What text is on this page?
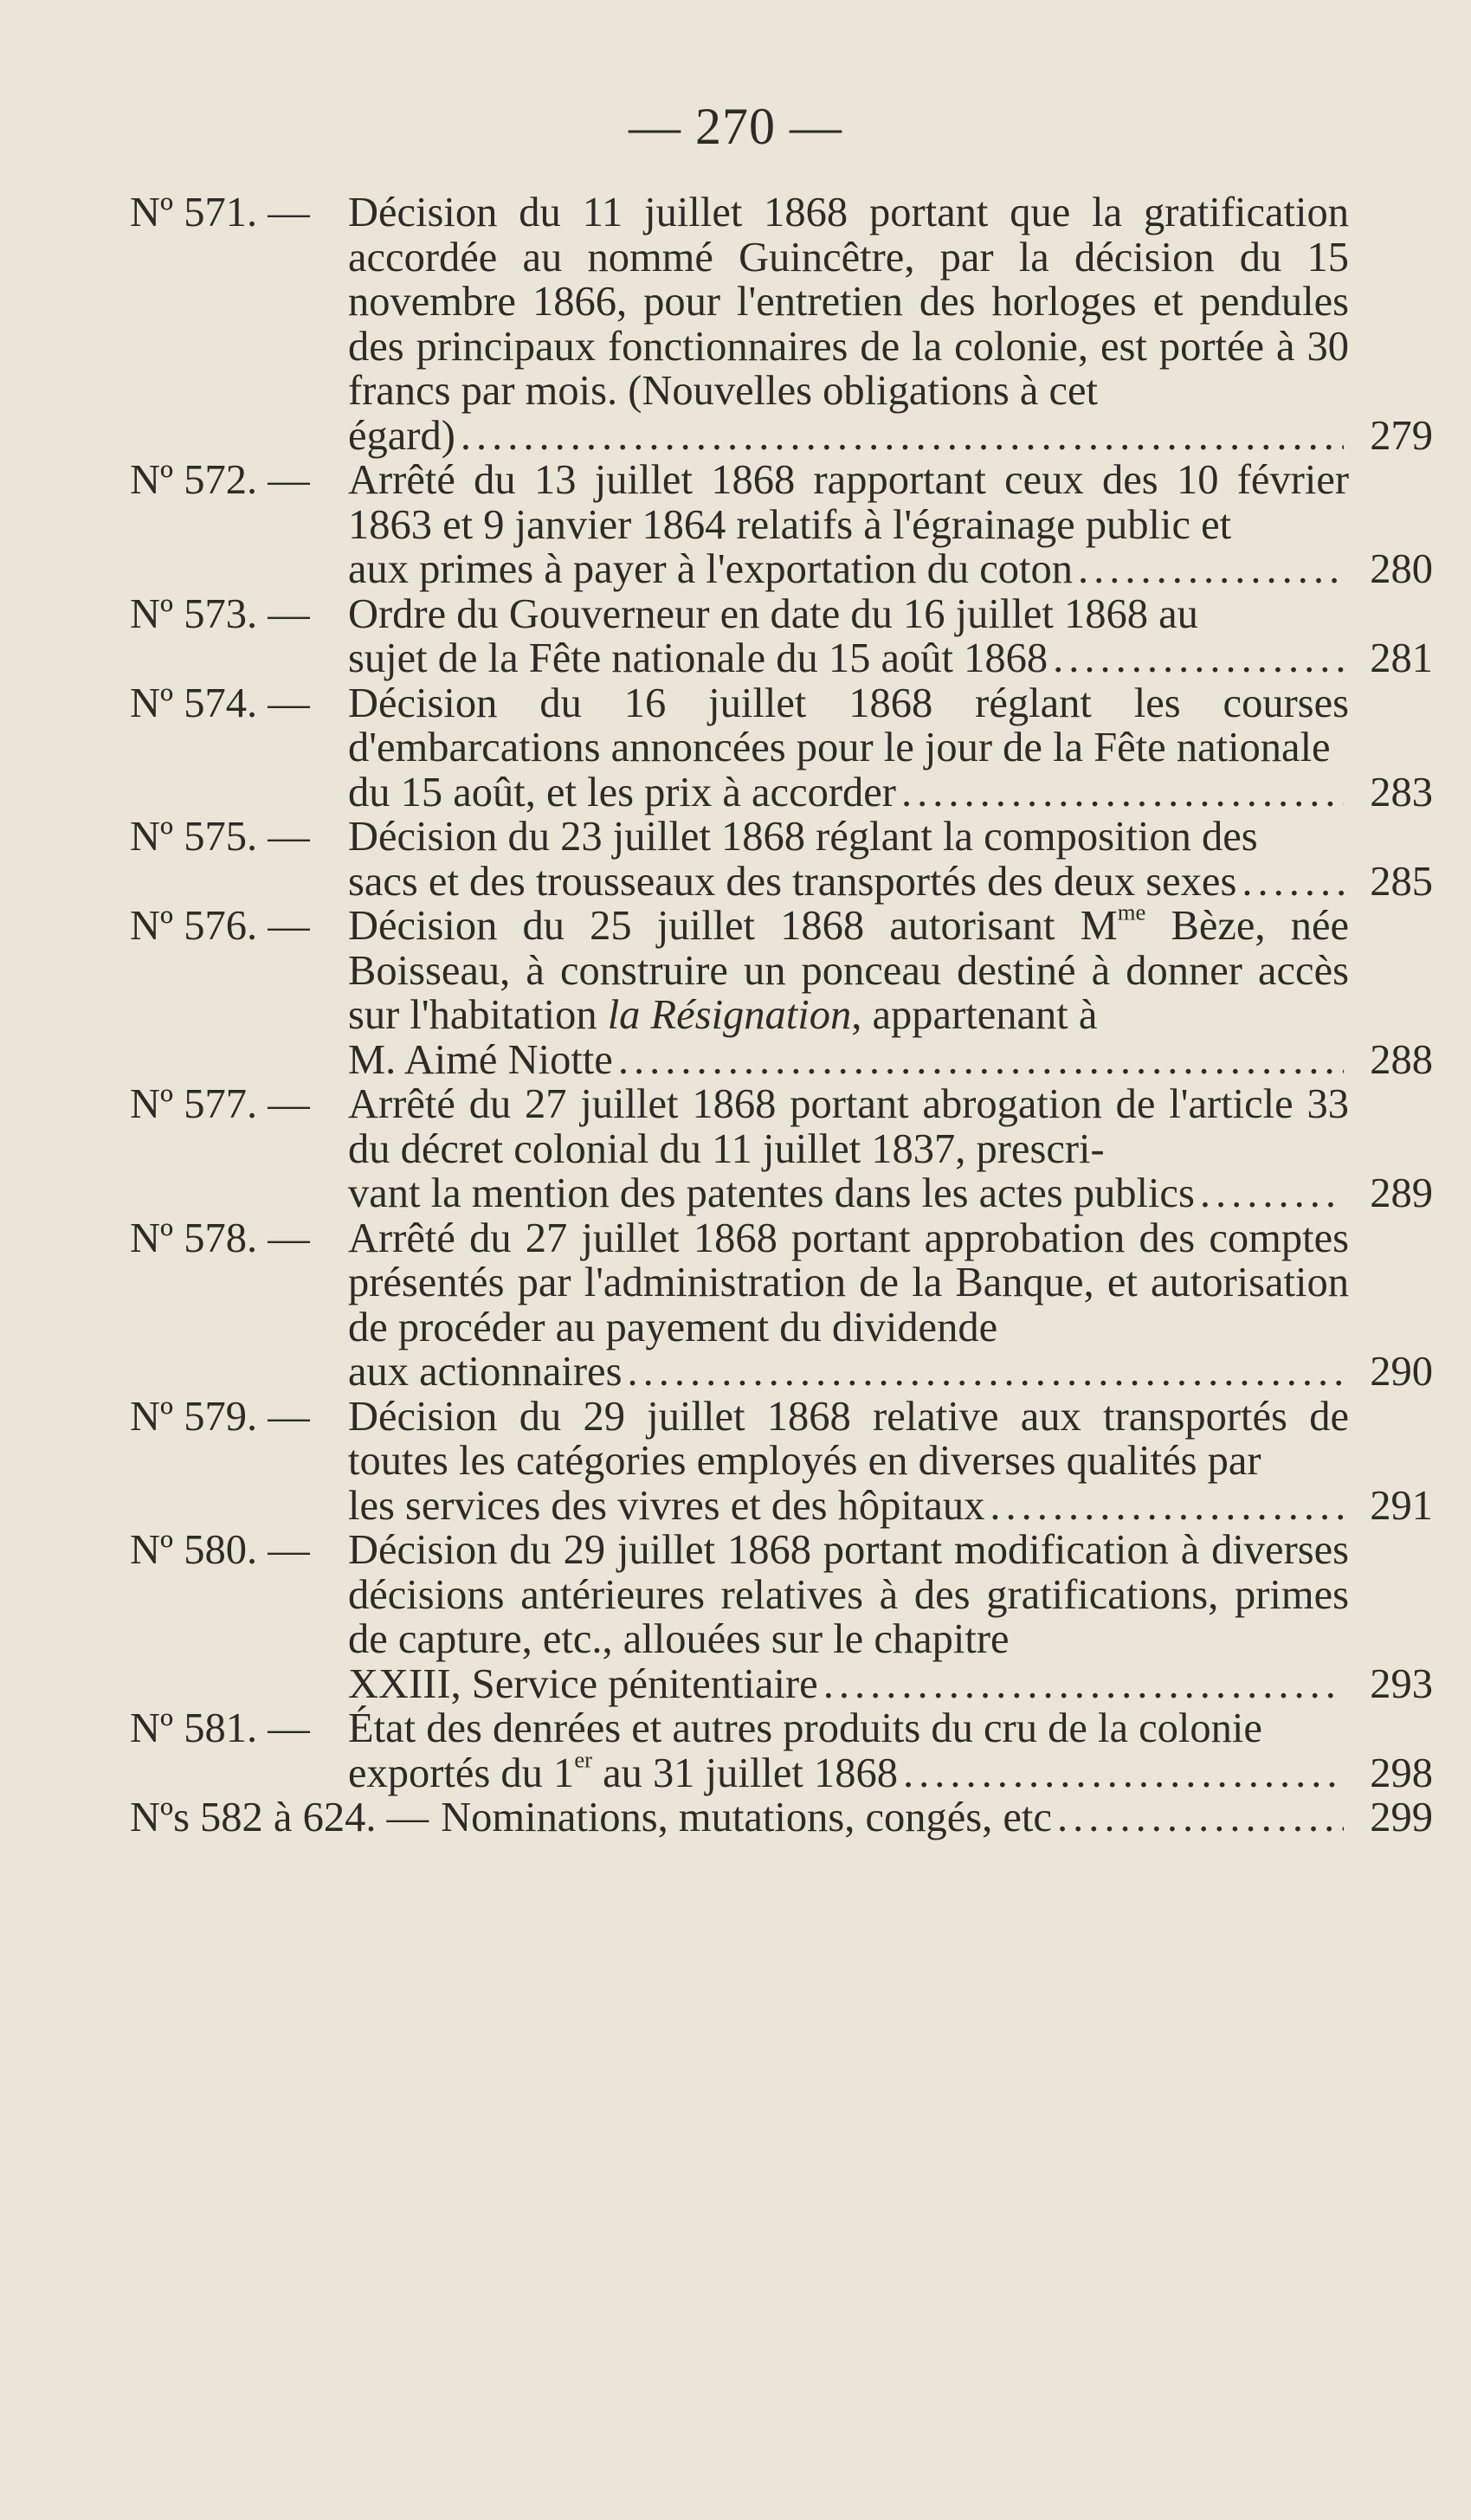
— 270 —
Nº 571. — Décision du 11 juillet 1868 portant que la gratification accordée au nommé Guincêtre, par la décision du 15 novembre 1866, pour l'entretien des horloges et pendules des principaux fonctionnaires de la colonie, est portée à 30 francs par mois. (Nouvelles obligations à cet
égard) .....	279
Nº 572. — Arrêté du 13 juillet 1868 rapportant ceux des 10 février 1863 et 9 janvier 1864 relatifs à l'égrainage public et
aux primes à payer à l'exportation du coton .....	280
Nº 573. — Ordre du Gouverneur en date du 16 juillet 1868 au
sujet de la Fête nationale du 15 août 1868 .....	281
Nº 574. — Décision du 16 juillet 1868 réglant les courses d'embarcations annoncées pour le jour de la Fête nationale
du 15 août, et les prix à accorder .....	283
Nº 575. — Décision du 23 juillet 1868 réglant la composition des
sacs et des trousseaux des transportés des deux sexes .....	285
Nº 576. — Décision du 25 juillet 1868 autorisant $M^{me}$ Bèze, née Boisseau, à construire un ponceau destiné à donner accès sur l'habitation la Résignation, appartenant à
M. Aimé Niotte .....	288
Nº 577. — Arrêté du 27 juillet 1868 portant abrogation de l'article 33 du décret colonial du 11 juillet 1837, prescri-
vant la mention des patentes dans les actes publics .....	289
Nº 578. — Arrêté du 27 juillet 1868 portant approbation des comptes présentés par l'administration de la Banque, et autorisation de procéder au payement du dividende
aux actionnaires .....	290
Nº 579. — Décision du 29 juillet 1868 relative aux transportés de toutes les catégories employés en diverses qualités par
les services des vivres et des hôpitaux .....	291
Nº 580. — Décision du 29 juillet 1868 portant modification à diverses décisions antérieures relatives à des gratifications, primes de capture, etc., allouées sur le chapitre
XXIII, Service pénitentiaire .....	293
Nº 581. — État des denrées et autres produits du cru de la colonie
exportés du 1er au 31 juillet 1868 .....	298
Nºs 582 à 624. — Nominations, mutations, congés, etc .....	299
